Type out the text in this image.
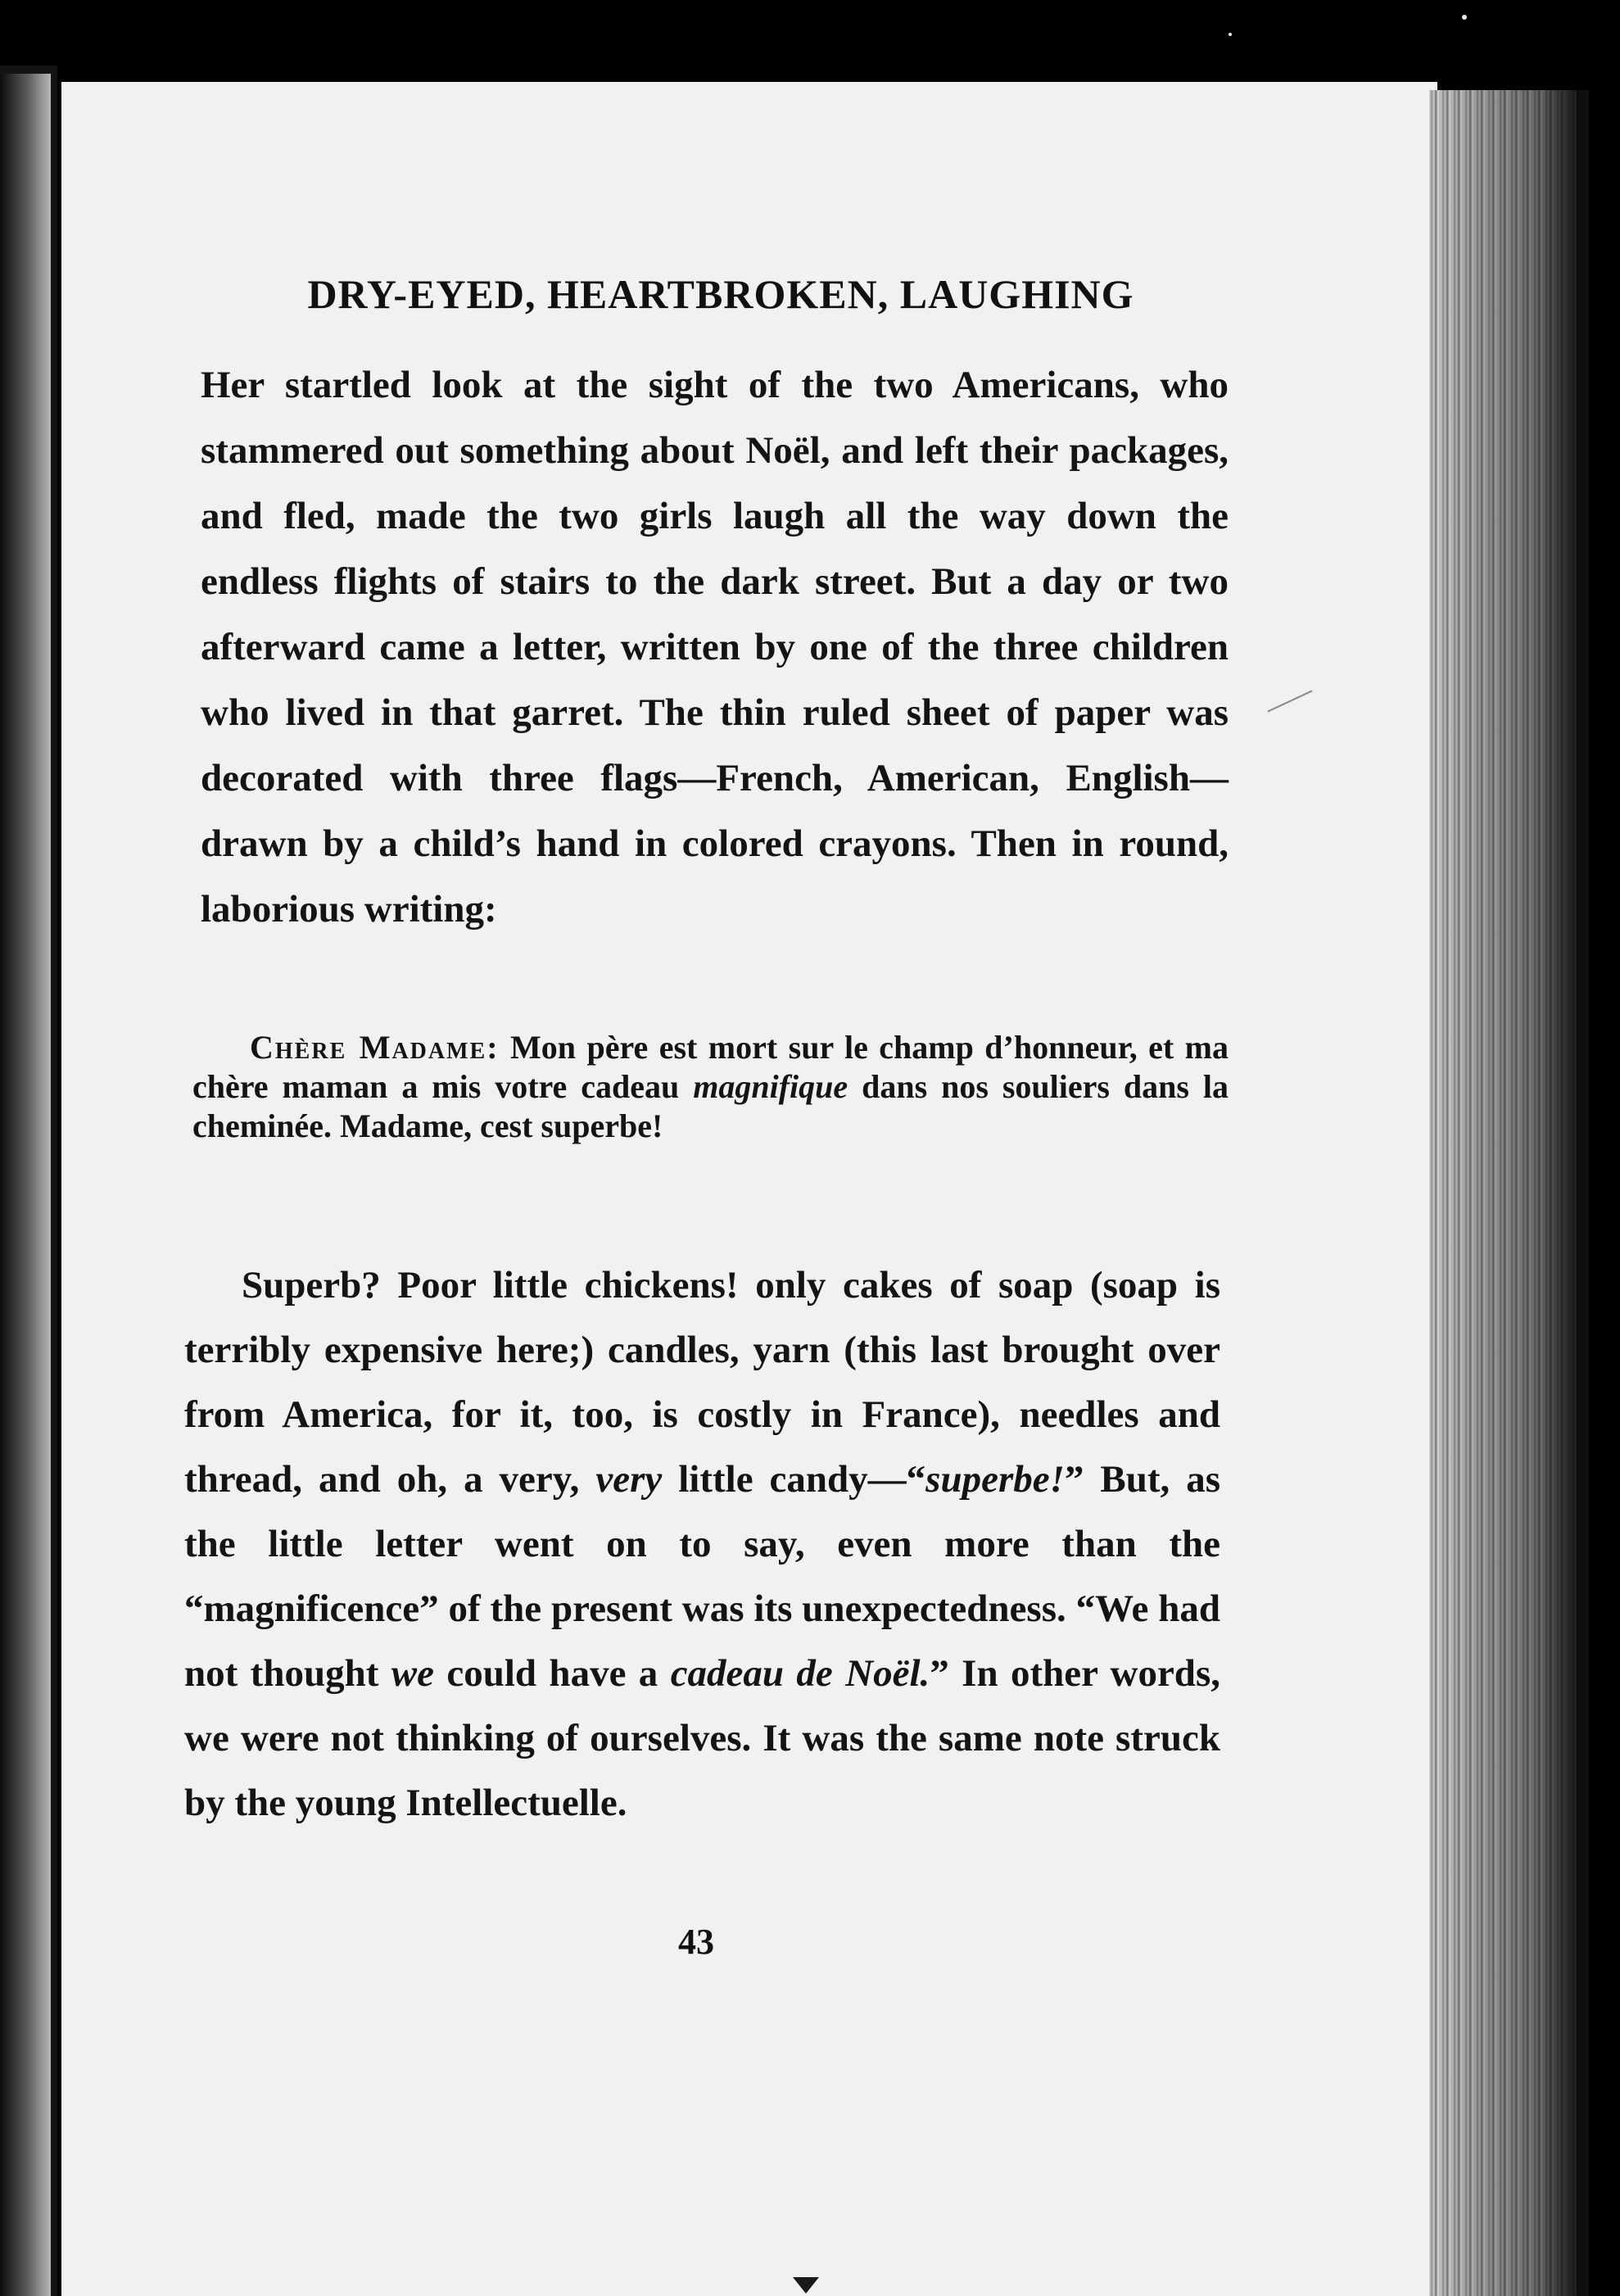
DRY-EYED, HEARTBROKEN, LAUGHING
Her startled look at the sight of the two Americans, who stammered out something about Noël, and left their packages, and fled, made the two girls laugh all the way down the endless flights of stairs to the dark street. But a day or two afterward came a letter, written by one of the three children who lived in that garret. The thin ruled sheet of paper was decorated with three flags—French, American, English—drawn by a child’s hand in colored crayons. Then in round, laborious writing:
Chère Madame: Mon père est mort sur le champ d’honneur, et ma chère maman a mis votre cadeau magnifique dans nos souliers dans la cheminée. Madame, cest superbe!
Superb? Poor little chickens! only cakes of soap (soap is terribly expensive here;) candles, yarn (this last brought over from America, for it, too, is costly in France), needles and thread, and oh, a very, very little candy—“superbe!” But, as the little letter went on to say, even more than the “magnificence” of the present was its unexpectedness. “We had not thought we could have a cadeau de Noël.” In other words, we were not thinking of ourselves. It was the same note struck by the young Intellectuelle.
43
